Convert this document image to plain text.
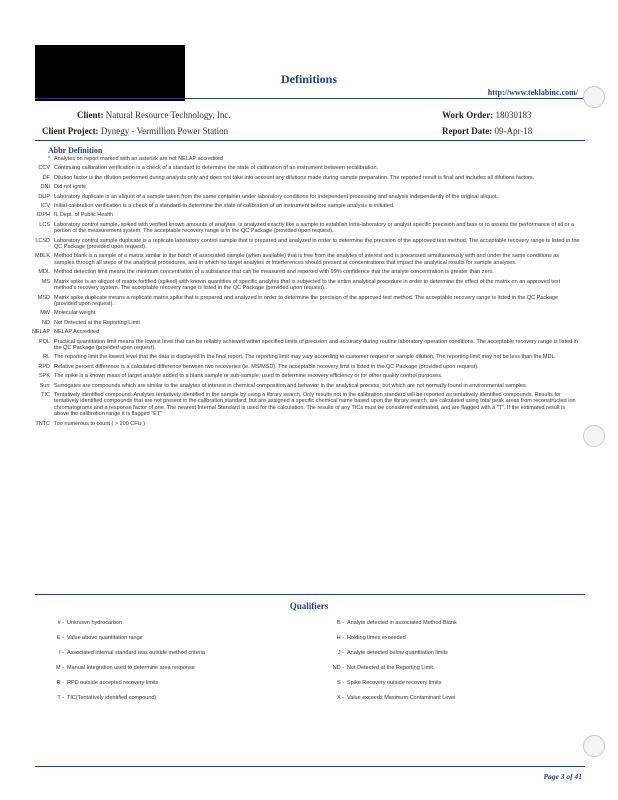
Definitions
http://www.teklabinc.com/
Client: Natural Resource Technology, Inc.
Client Project: Dynegy - Vermillion Power Station
Work Order: 18030183
Report Date: 09-Apr-18
Abbr Definition
* Analytes on report marked with an asterisk are not NELAP accredited
CCV Continuing calibration verification is a check of a standard to determine the state of calibration of an instrument between recalibration.
DF Dilution factor is the dilution performed during analysis only and does not take into account any dilutions made during sample preparation. The reported result is final and includes all dilutions factors.
DNI Did not ignite
DUP Laboratory duplicate is an aliquot of a sample taken from the same container under laboratory conditions for independent processing and analysis independently of the original aliquot.
ICV Initial calibration verification is a check of a standard to determine the state of calibration of an instrument before sample analysis is initiated.
IDPH IL Dept. of Public Health
LCS Laboratory control sample, spiked with verified known amounts of analytes, is analyzed exactly like a sample to establish intra-laboratory or analyst specific precision and bias or to assess the performance of all or a portion of the measurement system. The acceptable recovery range is in the QC Package (provided upon request).
LCSD Laboratory control sample duplicate is a replicate laboratory control sample that is prepared and analyzed in order to determine the precision of the approved test method. The acceptable recovery range is listed in the QC Package (provided upon request).
MBLK Method blank is a sample of a matrix similar to the batch of associated sample (when available) that is free from the analytes of interest and is processed simultaneously with and under the same conditions as samples through all steps of the analytical procedures, and in which no target analytes or interferences should present at concentrations that impact the analytical results for sample analyses.
MDL Method detection limit means the minimum concentration of a substance that can be measured and reported with 99% confidence that the analyte concentration is greater than zero.
MS Matrix spike is an aliquot of matrix fortified (spiked) with known quantities of specific analytes that is subjected to the entire analytical procedure in order to determine the effect of the matrix on an approved test method's recovery system. The acceptable recovery range is listed in the QC Package (provided upon request).
MSD Matrix spike duplicate means a replicate matrix spike that is prepared and analyzed in order to determine the precision of the approved test method. The acceptable recovery range is listed in the QC Package (provided upon request).
MW Molecular weight
ND Not Detected at the Reporting Limit
NELAP NELAP Accredited
PQL Practical quantitation limit means the lowest level that can be reliably achieved within specified limits of precision and accuracy during routine laboratory operation conditions. The acceptable recovery range is listed in the QC Package (provided upon request).
RL The reporting limit the lowest level that the data is displayed in the final report. The reporting limit may vary according to customer request or sample dilution. The reporting limit may not be less than the MDL.
RPD Relative percent difference is a calculated difference between two recoveries (ie. MS/MSD). The acceptable recovery limit is listed in the QC Package (provided upon request).
SPK The spike is a known mass of target analyte added to a blank sample or sub-sample; used to determine recovery efficiency or for other quality control purposes.
Surr Surrogates are compounds which are similar to the analytes of interest in chemical composition and behavior in the analytical process, but which are not normally found in environmental samples.
TIC Tentatively identified compound: Analytes tentatively identified in the sample by using a library search. Only results not in the calibration standard will be reported as tentatively identified compounds. Results for tentatively identified compounds that are not present in the calibration standard, but are assigned a specific chemical name based upon the library search, are calculated using total peak areas from reconstructed ion chromatograms and a response factor of one. The nearest Internal Standard is used for the calculation. The results of any TICs must be considered estimated, and are flagged with a "T". If the estimated result is above the calibration range it is flagged "ET"
TNTC Too numerous to count ( > 200 CFU )
Qualifiers
# - Unknown hydrocarbon
E - Value above quantitation range
I - Associated internal standard was outside method criteria
M - Manual Integration used to determine area response
R - RPD outside accepted recovery limits
T - TIC(Tentatively identified compound)
B - Analyte detected in associated Method Blank
H - Holding times exceeded
J - Analyte detected below quantitation limits
ND - Not Detected at the Reporting Limit
S - Spike Recovery outside recovery limits
X - Value exceeds Maximum Contaminant Level
Page 3 of 41
